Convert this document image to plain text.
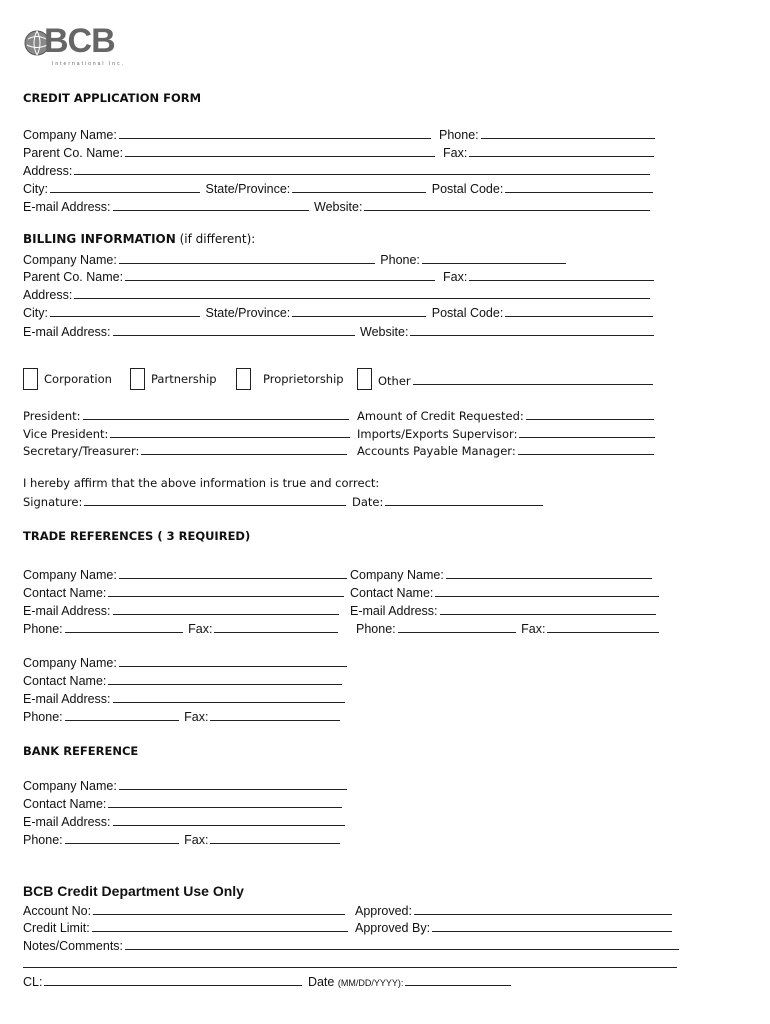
BCB
International Inc.
CREDIT APPLICATION FORM
Company Name:	Phone:
Parent Co. Name:	Fax:
Address:
City:	State/Province:	Postal Code:
E-mail Address:	Website:
BILLING INFORMATION (if different):
Company Name:	Phone:
Parent Co. Name:	Fax:
Address:
City:	State/Province:	Postal Code:
E-mail Address:	Website:
Corporation	Partnership	Proprietorship	Other
President:	Amount of Credit Requested:
Vice President:	Imports/Exports Supervisor:
Secretary/Treasurer:	Accounts Payable Manager:
I hereby affirm that the above information is true and correct:
Signature:	Date:
TRADE REFERENCES ( 3 REQUIRED)
Company Name:
Contact Name:
E-mail Address:
Phone:	Fax:
Company Name:
Contact Name:
E-mail Address:
Phone:	Fax:
Company Name:
Contact Name:
E-mail Address:
Phone:	Fax:
BANK REFERENCE
Company Name:
Contact Name:
E-mail Address:
Phone:	Fax:
BCB Credit Department Use Only
Account No:	Approved:
Credit Limit:	Approved By:
Notes/Comments:
CL:	Date (MM/DD/YYYY):
